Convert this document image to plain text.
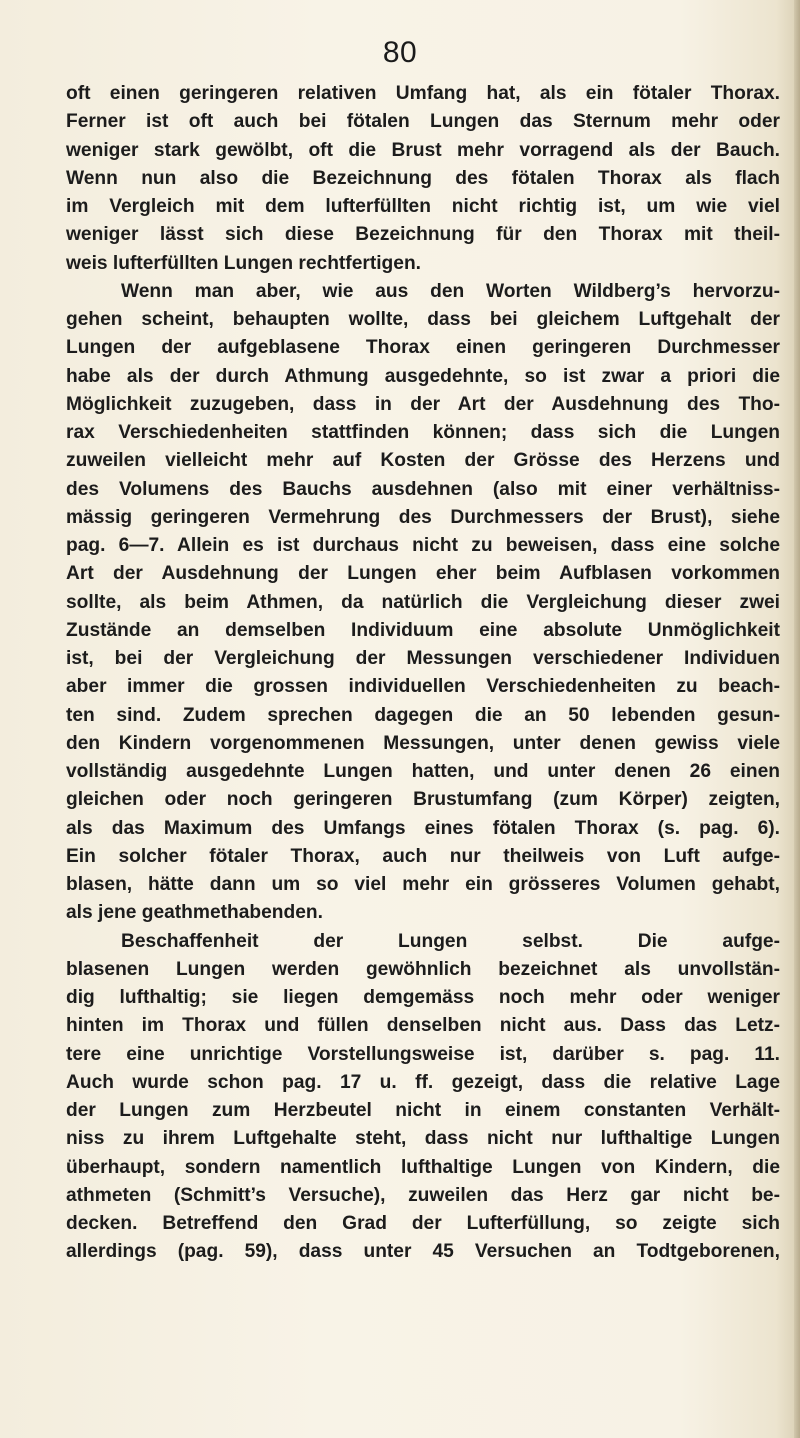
80
oft einen geringeren relativen Umfang hat, als ein fötaler Thorax.
Ferner ist oft auch bei fötalen Lungen das Sternum mehr oder
weniger stark gewölbt, oft die Brust mehr vorragend als der Bauch.
Wenn nun also die Bezeichnung des fötalen Thorax als flach
im Vergleich mit dem lufterfüllten nicht richtig ist, um wie viel
weniger lässt sich diese Bezeichnung für den Thorax mit theil-
weis lufterfüllten Lungen rechtfertigen.
Wenn man aber, wie aus den Worten Wildberg’s hervorzu-
gehen scheint, behaupten wollte, dass bei gleichem Luftgehalt der
Lungen der aufgeblasene Thorax einen geringeren Durchmesser
habe als der durch Athmung ausgedehnte, so ist zwar a priori die
Möglichkeit zuzugeben, dass in der Art der Ausdehnung des Tho-
rax Verschiedenheiten stattfinden können; dass sich die Lungen
zuweilen vielleicht mehr auf Kosten der Grösse des Herzens und
des Volumens des Bauchs ausdehnen (also mit einer verhältniss-
mässig geringeren Vermehrung des Durchmessers der Brust), siehe
pag. 6—7. Allein es ist durchaus nicht zu beweisen, dass eine solche
Art der Ausdehnung der Lungen eher beim Aufblasen vorkommen
sollte, als beim Athmen, da natürlich die Vergleichung dieser zwei
Zustände an demselben Individuum eine absolute Unmöglichkeit
ist, bei der Vergleichung der Messungen verschiedener Individuen
aber immer die grossen individuellen Verschiedenheiten zu beach-
ten sind. Zudem sprechen dagegen die an 50 lebenden gesun-
den Kindern vorgenommenen Messungen, unter denen gewiss viele
vollständig ausgedehnte Lungen hatten, und unter denen 26 einen
gleichen oder noch geringeren Brustumfang (zum Körper) zeigten,
als das Maximum des Umfangs eines fötalen Thorax (s. pag. 6).
Ein solcher fötaler Thorax, auch nur theilweis von Luft aufge-
blasen, hätte dann um so viel mehr ein grösseres Volumen gehabt,
als jene geathmethabenden.
Beschaffenheit der Lungen selbst. Die aufge-
blasenen Lungen werden gewöhnlich bezeichnet als unvollstän-
dig lufthaltig; sie liegen demgemäss noch mehr oder weniger
hinten im Thorax und füllen denselben nicht aus. Dass das Letz-
tere eine unrichtige Vorstellungsweise ist, darüber s. pag. 11.
Auch wurde schon pag. 17 u. ff. gezeigt, dass die relative Lage
der Lungen zum Herzbeutel nicht in einem constanten Verhält-
niss zu ihrem Luftgehalte steht, dass nicht nur lufthaltige Lungen
überhaupt, sondern namentlich lufthaltige Lungen von Kindern, die
athmeten (Schmitt’s Versuche), zuweilen das Herz gar nicht be-
decken. Betreffend den Grad der Lufterfüllung, so zeigte sich
allerdings (pag. 59), dass unter 45 Versuchen an Todtgeborenen,
